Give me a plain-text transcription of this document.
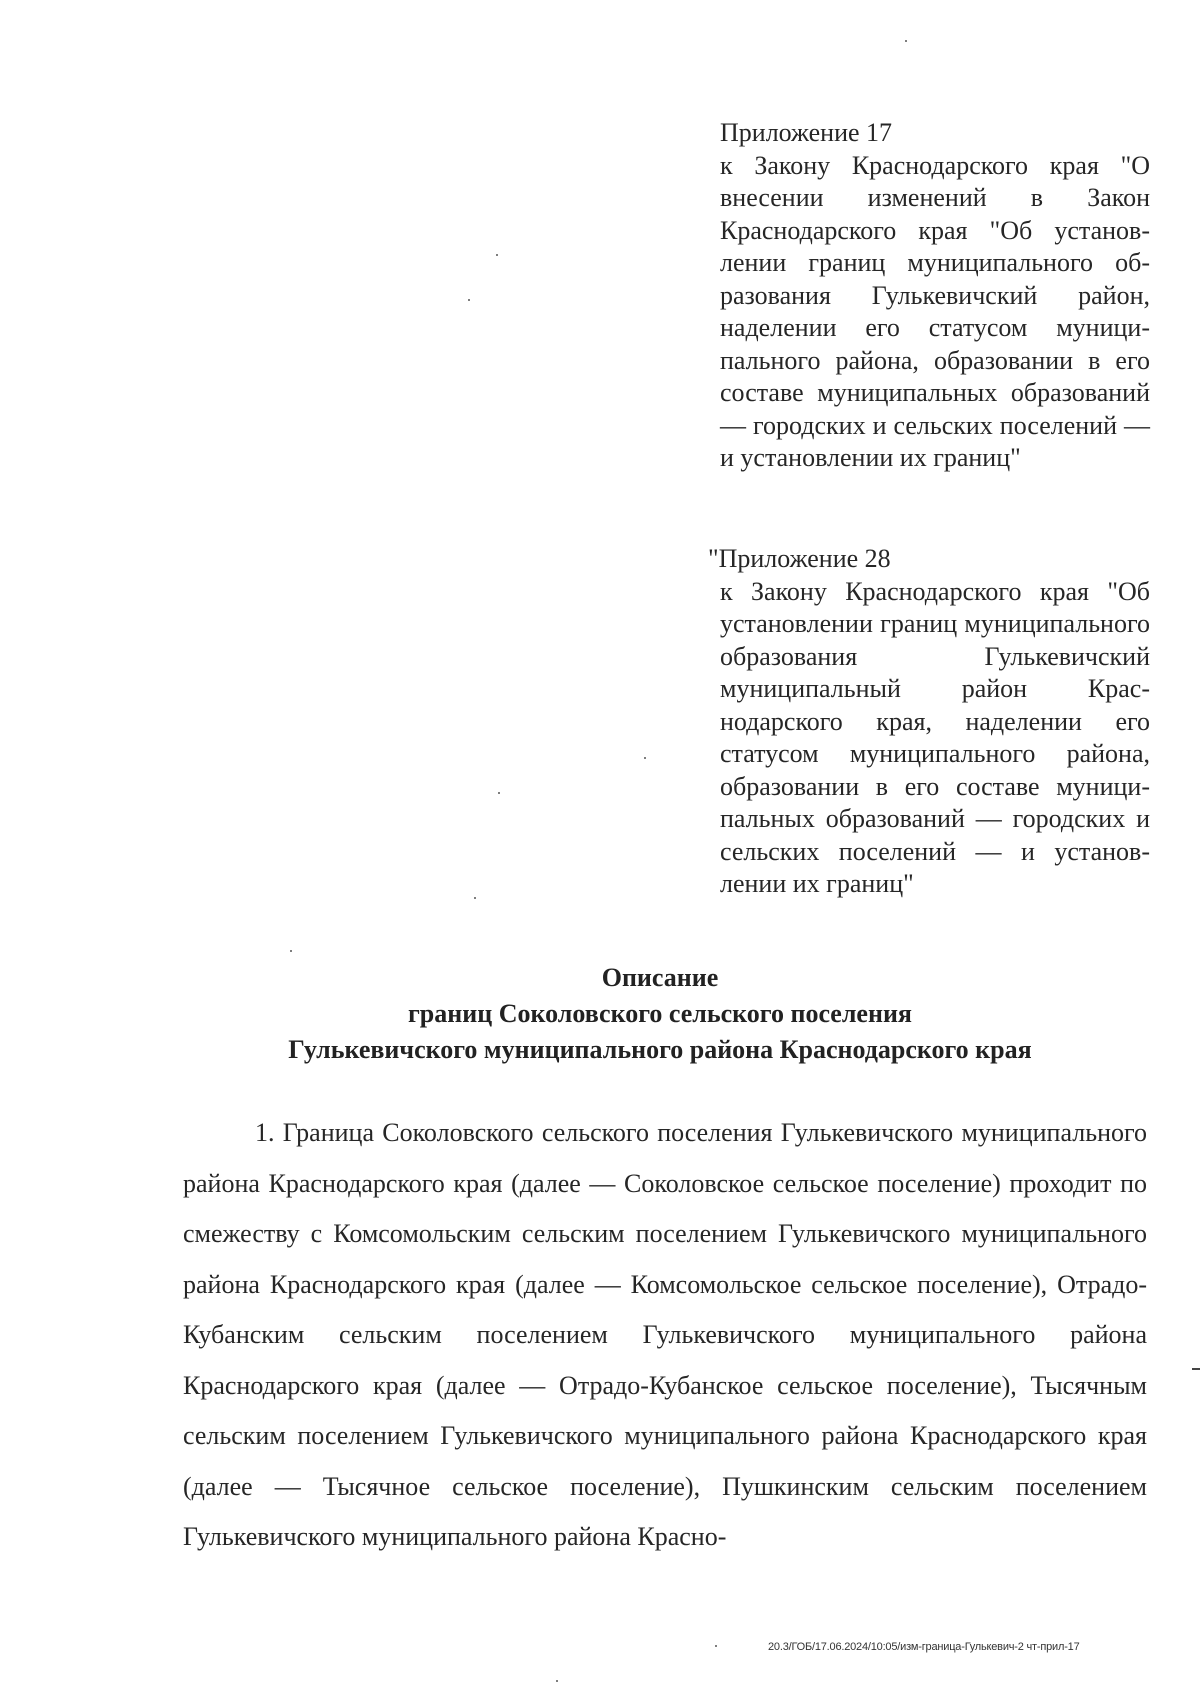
Приложение 17
к Закону Краснодарского края "О внесении изменений в Закон Краснодарского края "Об установлении границ муниципального образования Гулькевичский район, наделении его статусом муниципального района, образовании в его составе муниципальных образований — городских и сельских поселений — и установлении их границ"
"Приложение 28
к Закону Краснодарского края "Об установлении границ муниципального образования Гулькевичский муниципальный район Краснодарского края, наделении его статусом муниципального района, образовании в его составе муниципальных образований — городских и сельских поселений — и установлении их границ"
Описание
границ Соколовского сельского поселения
Гулькевичского муниципального района Краснодарского края
1. Граница Соколовского сельского поселения Гулькевичского муниципального района Краснодарского края (далее — Соколовское сельское поселение) проходит по смежеству с Комсомольским сельским поселением Гулькевичского муниципального района Краснодарского края (далее — Комсомольское сельское поселение), Отрадо-Кубанским сельским поселением Гулькевичского муниципального района Краснодарского края (далее — Отрадо-Кубанское сельское поселение), Тысячным сельским поселением Гулькевичского муниципального района Краснодарского края (далее — Тысячное сельское поселение), Пушкинским сельским поселением Гулькевичского муниципального района Красно-
20.3/ГОБ/17.06.2024/10:05/изм-граница-Гулькевич-2 чт-прил-17
